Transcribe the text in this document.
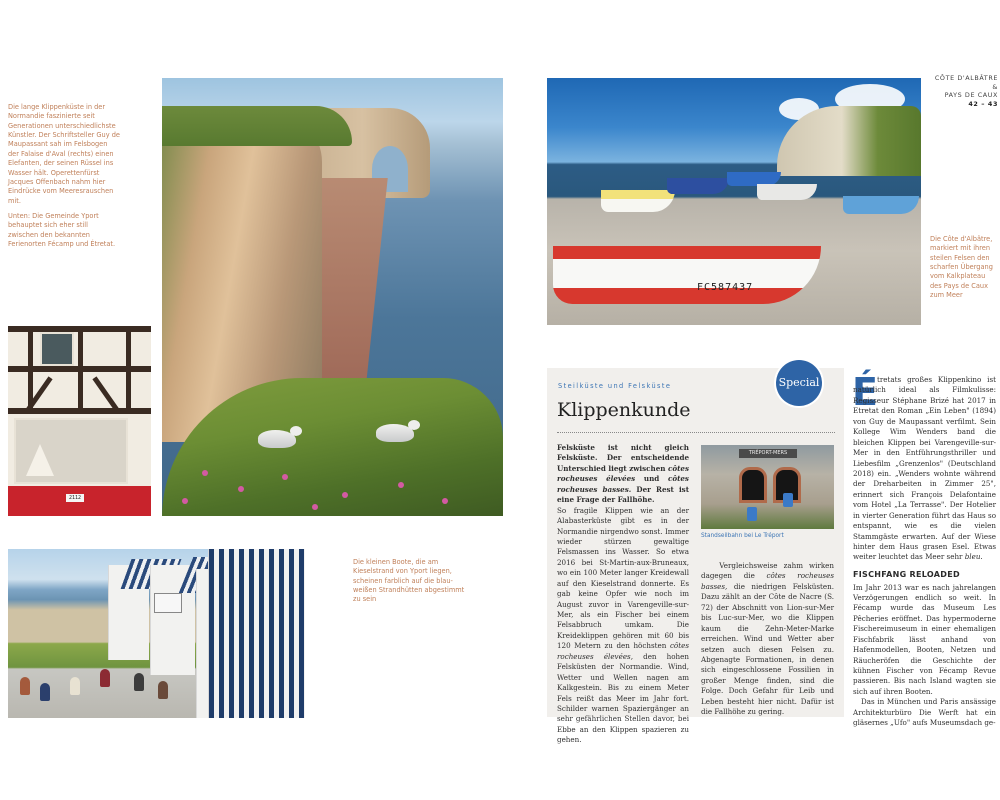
Die lange Klippenküste in der Normandie faszinierte seit Generationen unterschiedlichste Künstler. Der Schriftsteller Guy de Maupassant sah im Felsbogen der Falaise d'Aval (rechts) einen Elefanten, der seinen Rüssel ins Wasser hält. Operettenfürst Jacques Offenbach nahm hier Eindrücke vom Meeresrauschen mit.

Unten: Die Gemeinde Yport behauptet sich eher still zwischen den bekannten Ferienorten Fécamp und Étretat.

2112

Die kleinen Boote, die am Kieselstrand von Yport liegen, scheinen farblich auf die blau-weißen Strandhütten abgestimmt zu sein

FC587437

Die Côte d'Albâtre, markiert mit ihren steilen Felsen den scharfen Übergang vom Kalkplateau des Pays de Caux zum Meer

CÔTE D'ALBÂTRE &
PAYS DE CAUX
42 – 43
Special
Steilküste und Felsküste
Klippenkunde

Felsküste ist nicht gleich Felsküste. Der entscheidende Unterschied liegt zwischen côtes rocheuses élevées und côtes rocheuses basses. Der Rest ist eine Frage der Fallhöhe.

So fragile Klippen wie an der Alabasterküste gibt es in der Normandie nirgendwo sonst. Immer wieder stürzen gewaltige Felsmassen ins Wasser. So etwa 2016 bei St-Martin-aux-Bruneaux, wo ein 100 Meter langer Kreidewall auf den Kieselstrand donnerte. Es gab keine Opfer wie noch im August zuvor in Varengeville-sur-Mer, als ein Fischer bei einem Felsabbruch umkam. Die Kreideklippen gehören mit 60 bis 120 Metern zu den höchsten côtes rocheuses élevées, den hohen Felsküsten der Normandie. Wind, Wetter und Wellen nagen am Kalkgestein. Bis zu einem Meter Fels reißt das Meer im Jahr fort. Schilder warnen Spaziergänger an sehr gefährlichen Stellen davor, bei Ebbe an den Klippen spazieren zu gehen.

TRÉPORT-MERS
Standseilbahn bei Le Tréport

Vergleichsweise zahm wirken dagegen die côtes rocheuses basses, die niedrigen Felsküsten. Dazu zählt an der Côte de Nacre (S. 72) der Abschnitt von Lion-sur-Mer bis Luc-sur-Mer, wo die Klippen kaum die Zehn-Meter-Marke erreichen. Wind und Wetter aber setzen auch diesen Felsen zu. Abgenagte Formationen, in denen sich eingeschlossene Fossilien in großer Menge finden, sind die Folge. Doch Gefahr für Leib und Leben besteht hier nicht. Dafür ist die Fallhöhe zu gering.

É tretats großes Klippenkino ist natürlich ideal als Filmkulisse: Regisseur Stéphane Brizé hat 2017 in Etretat den Roman „Ein Leben" (1894) von Guy de Maupassant verfilmt. Sein Kollege Wim Wenders band die bleichen Klippen bei Varengeville-sur-Mer in den Entführungsthriller und Liebesfilm „Grenzenlos" (Deutschland 2018) ein. „Wenders wohnte während der Dreharbeiten in Zimmer 25", erinnert sich François Delafontaine vom Hotel „La Terrasse". Der Hotelier in vierter Generation führt das Haus so entspannt, wie es die vielen Stammgäste erwarten. Auf der Wiese hinter dem Haus grasen Esel. Etwas weiter leuchtet das Meer sehr bleu.

FISCHFANG RELOADED

Im Jahr 2013 war es nach jahrelangen Verzögerungen endlich so weit. In Fécamp wurde das Museum Les Pêcheries eröffnet. Das hypermoderne Fischereimuseum in einer ehemaligen Fischfabrik lässt anhand von Hafenmodellen, Booten, Netzen und Räucheröfen die Geschichte der kühnen Fischer von Fécamp Revue passieren. Bis nach Island wagten sie sich auf ihren Booten.

Das in München und Paris ansässige Architekturbüro Die Werft hat ein gläsernes „Ufo" aufs Museumsdach ge-
